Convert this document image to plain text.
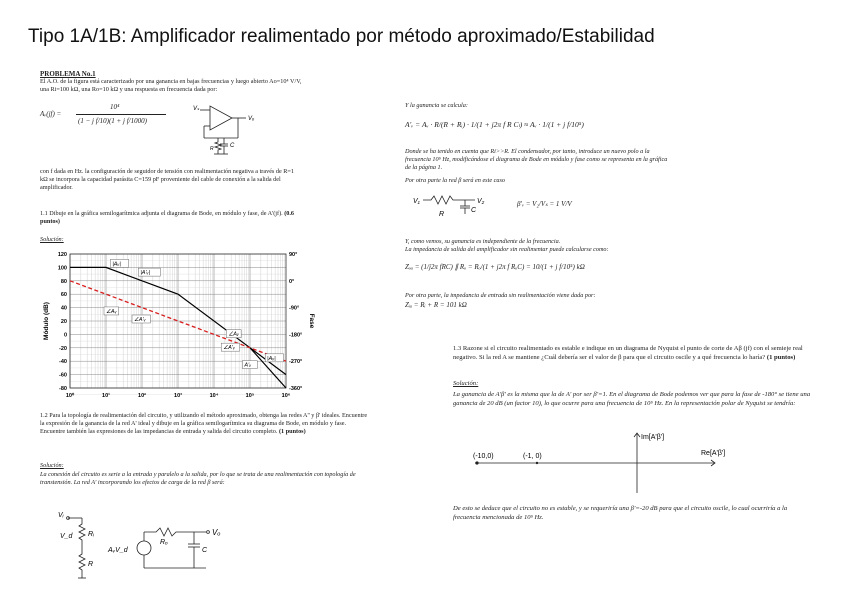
Tipo 1A/1B: Amplificador realimentado por método aproximado/Estabilidad
PROBLEMA No.1
El A.O. de la figura está caracterizado por una ganancia en bajas frecuencias y luego abierto Ao=10⁴ V/V, una Ri=100 kΩ, una Ro=10 kΩ y una respuesta en frecuencia dada por:
Aᵥ(jf) =
10⁴
(1 − j f/10)(1 + j f/1000)
Vₛ
Vₒ
R	C
con f dada en Hz. la configuración de seguidor de tensión con realimentación negativa a través de R=1 kΩ se incorpora la capacidad parásita C=159 pF proveniente del cable de conexión a la salida del amplificador.
1.1 Dibuje en la gráfica semilogarítmica adjunta el diagrama de Bode, en módulo y fase, de A'(jf). (0.6 puntos)
Solución:
120
100
80
60
40
20
0
-20
-40
-60
-80
10⁰	10¹	10²	10³	10⁴	10⁵	10⁶
90°
0°
-90°
-180°
-270°
-360°
Módulo (dB)	Fase
|Aᵥ|
|A'ᵥ|
∠Aᵥ
∠A'ᵥ
∠Aᵥ
∠A'ᵥ
A'ᵥ
|Aᵥ|
1.2 Para la topología de realimentación del circuito, y utilizando el método aproximado, obtenga las redes A'' y β' ideales. Encuentre la expresión de la ganancia de la red A' ideal y dibuje en la gráfica semilogarítmica su diagrama de Bode, en módulo y fase. Encuentre también las expresiones de las impedancias de entrada y salida del circuito completo. (1 puntos)
Solución:
La conexión del circuito es serie a la entrada y paralelo a la salida, por lo que se trata de una realimentación con topología de transtensión. La red A' incorporando los efectos de carga de la red β será:
Vᵢ
V_d Rᵢ
R
AᵥV_d
Rₒ
C
Vₒ
Y la ganancia se calcula:
A'ᵥ = Aᵥ · R/(R + Rᵢ) · 1/(1 + j2π f R Cₗ) ≈ Aᵥ · 1/(1 + j f/10⁵)
Donde se ha tenido en cuenta que Ri>>R. El condensador, por tanto, introduce un nuevo polo a la frecuencia 10⁵ Hz, modificándose el diagrama de Bode en módulo y fase como se representa en la gráfica de la página 1.
Por otra parte la red β será en este caso
V₁	V₂
R
C
β'ᵥ = V₂/Vₛ = 1 V/V
Y, como vemos, su ganancia es independiente de la frecuencia.
La impedancia de salida del amplificador sin realimentar puede calcularse como:
Zₒₐ = (1/j2π fRC) ∥ Rₒ = Rₒ/(1 + j2π f RₒC) = 10/(1 + j f/10⁵) kΩ
Por otra parte, la impedancia de entrada sin realimentación viene dada por:
Zᵢₐ = Rᵢ + R = 101 kΩ
1.3 Razone si el circuito realimentado es estable e indique en un diagrama de Nyquist el punto de corte de Aβ (jf) con el semieje real negativo. Si la red A se mantiene ¿Cuál debería ser el valor de β para que el circuito oscile y a qué frecuencia lo haría? (1 puntos)
Solución:
La ganancia de A'β' es la misma que la de A' por ser β'=1. En el diagrama de Bode podemos ver que para la fase de -180° se tiene una ganancia de 20 dB (un factor 10), lo que ocurre para una frecuencia de 10⁵ Hz. En la representación polar de Nyquist se tendría:
Im[A'β']
Re[A'β']
(-10,0)	(-1, 0)
De esto se deduce que el circuito no es estable, y se requeriría una β'=-20 dB para que el circuito oscile, lo cual ocurriría a la frecuencia mencionada de 10⁵ Hz.
